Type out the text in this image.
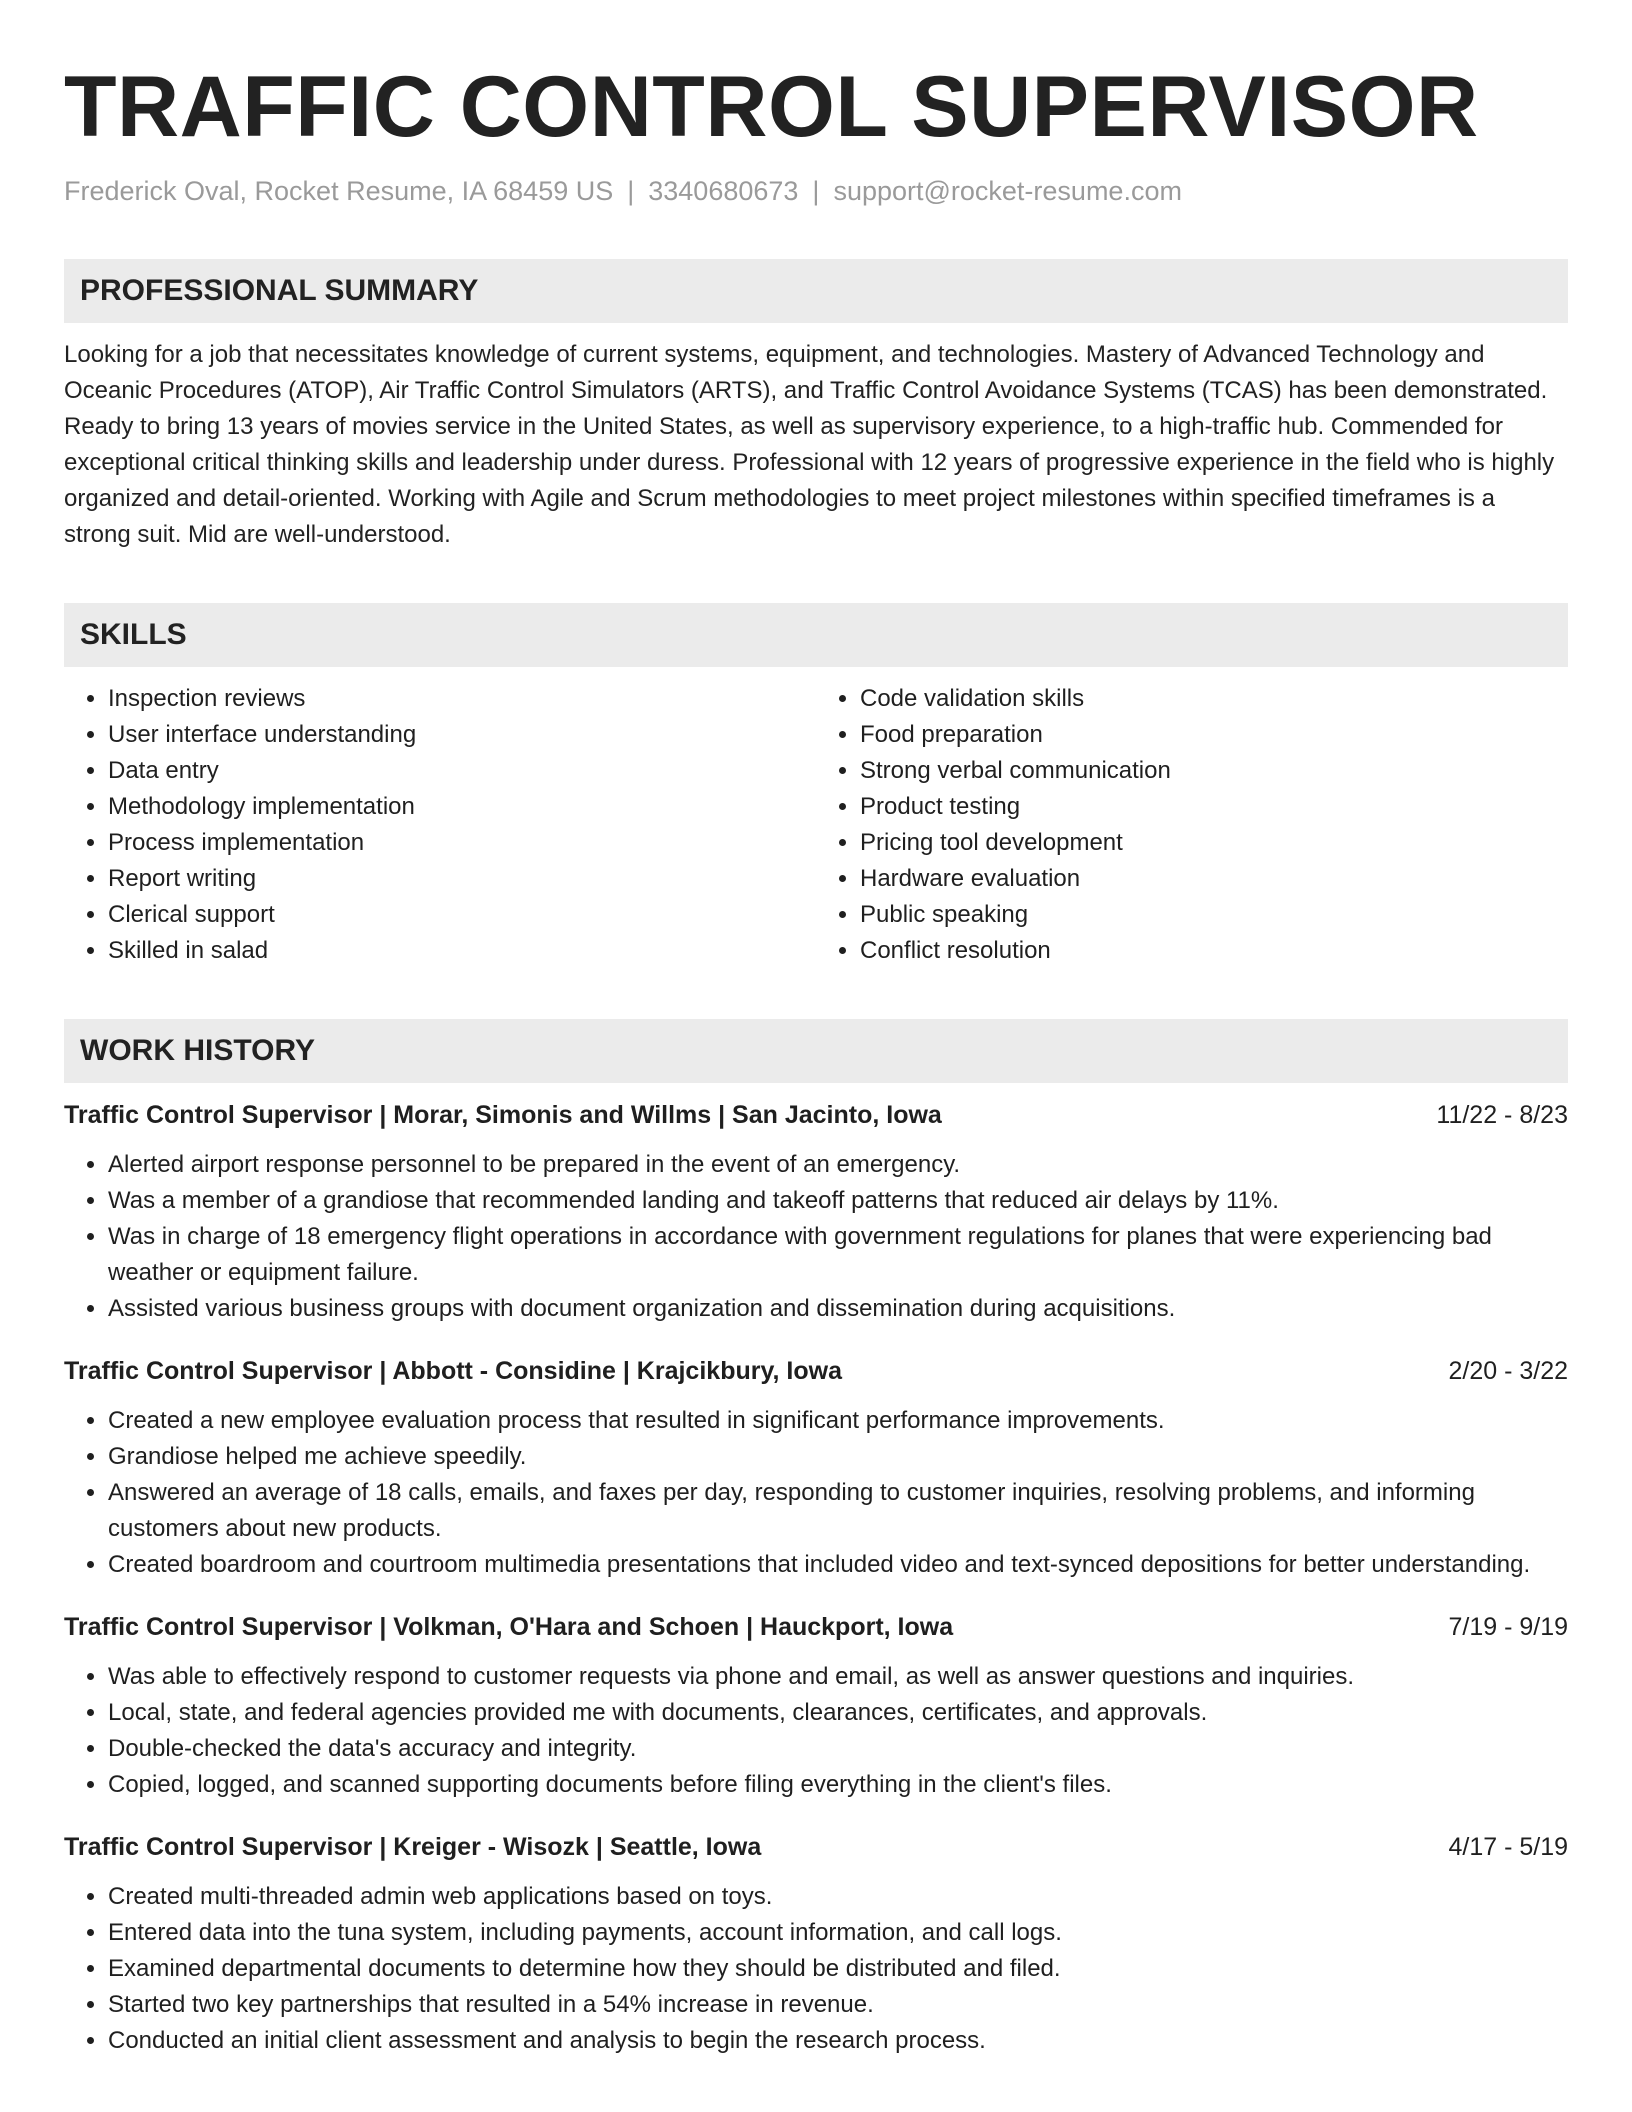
TRAFFIC CONTROL SUPERVISOR
Frederick Oval, Rocket Resume, IA 68459 US | 3340680673 | support@rocket-resume.com
PROFESSIONAL SUMMARY

Looking for a job that necessitates knowledge of current systems, equipment, and technologies. Mastery of Advanced Technology and Oceanic Procedures (ATOP), Air Traffic Control Simulators (ARTS), and Traffic Control Avoidance Systems (TCAS) has been demonstrated. Ready to bring 13 years of movies service in the United States, as well as supervisory experience, to a high-traffic hub. Commended for exceptional critical thinking skills and leadership under duress. Professional with 12 years of progressive experience in the field who is highly organized and detail-oriented. Working with Agile and Scrum methodologies to meet project milestones within specified timeframes is a strong suit. Mid are well-understood.

SKILLS
• Inspection reviews
• User interface understanding
• Data entry
• Methodology implementation
• Process implementation
• Report writing
• Clerical support
• Skilled in salad
• Code validation skills
• Food preparation
• Strong verbal communication
• Product testing
• Pricing tool development
• Hardware evaluation
• Public speaking
• Conflict resolution
WORK HISTORY
Traffic Control Supervisor | Morar, Simonis and Willms | San Jacinto, Iowa	11/22 - 8/23
• Alerted airport response personnel to be prepared in the event of an emergency.
• Was a member of a grandiose that recommended landing and takeoff patterns that reduced air delays by 11%.
• Was in charge of 18 emergency flight operations in accordance with government regulations for planes that were experiencing bad weather or equipment failure.
• Assisted various business groups with document organization and dissemination during acquisitions.
Traffic Control Supervisor | Abbott - Considine | Krajcikbury, Iowa	2/20 - 3/22
• Created a new employee evaluation process that resulted in significant performance improvements.
• Grandiose helped me achieve speedily.
• Answered an average of 18 calls, emails, and faxes per day, responding to customer inquiries, resolving problems, and informing customers about new products.
• Created boardroom and courtroom multimedia presentations that included video and text-synced depositions for better understanding.
Traffic Control Supervisor | Volkman, O'Hara and Schoen | Hauckport, Iowa	7/19 - 9/19
• Was able to effectively respond to customer requests via phone and email, as well as answer questions and inquiries.
• Local, state, and federal agencies provided me with documents, clearances, certificates, and approvals.
• Double-checked the data's accuracy and integrity.
• Copied, logged, and scanned supporting documents before filing everything in the client's files.
Traffic Control Supervisor | Kreiger - Wisozk | Seattle, Iowa	4/17 - 5/19
• Created multi-threaded admin web applications based on toys.
• Entered data into the tuna system, including payments, account information, and call logs.
• Examined departmental documents to determine how they should be distributed and filed.
• Started two key partnerships that resulted in a 54% increase in revenue.
• Conducted an initial client assessment and analysis to begin the research process.
